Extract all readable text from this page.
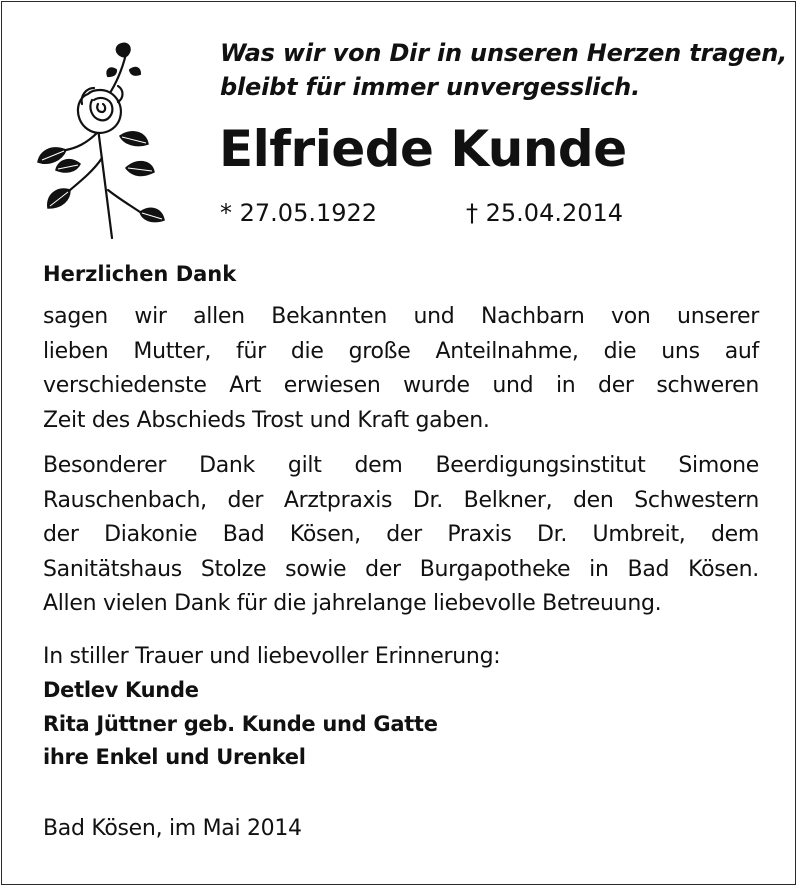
Was wir von Dir in unseren Herzen tragen,
bleibt für immer unvergesslich.
Elfriede Kunde
* 27.05.1922	† 25.04.2014
Herzlichen Dank
sagen wir allen Bekannten und Nachbarn von unserer
lieben Mutter, für die große Anteilnahme, die uns auf
verschiedenste Art erwiesen wurde und in der schweren
Zeit des Abschieds Trost und Kraft gaben.
Besonderer Dank gilt dem Beerdigungsinstitut Simone
Rauschenbach, der Arztpraxis Dr. Belkner, den Schwestern
der Diakonie Bad Kösen, der Praxis Dr. Umbreit, dem
Sanitätshaus Stolze sowie der Burgapotheke in Bad Kösen.
Allen vielen Dank für die jahrelange liebevolle Betreuung.
In stiller Trauer und liebevoller Erinnerung:
Detlev Kunde
Rita Jüttner geb. Kunde und Gatte
ihre Enkel und Urenkel
Bad Kösen, im Mai 2014
